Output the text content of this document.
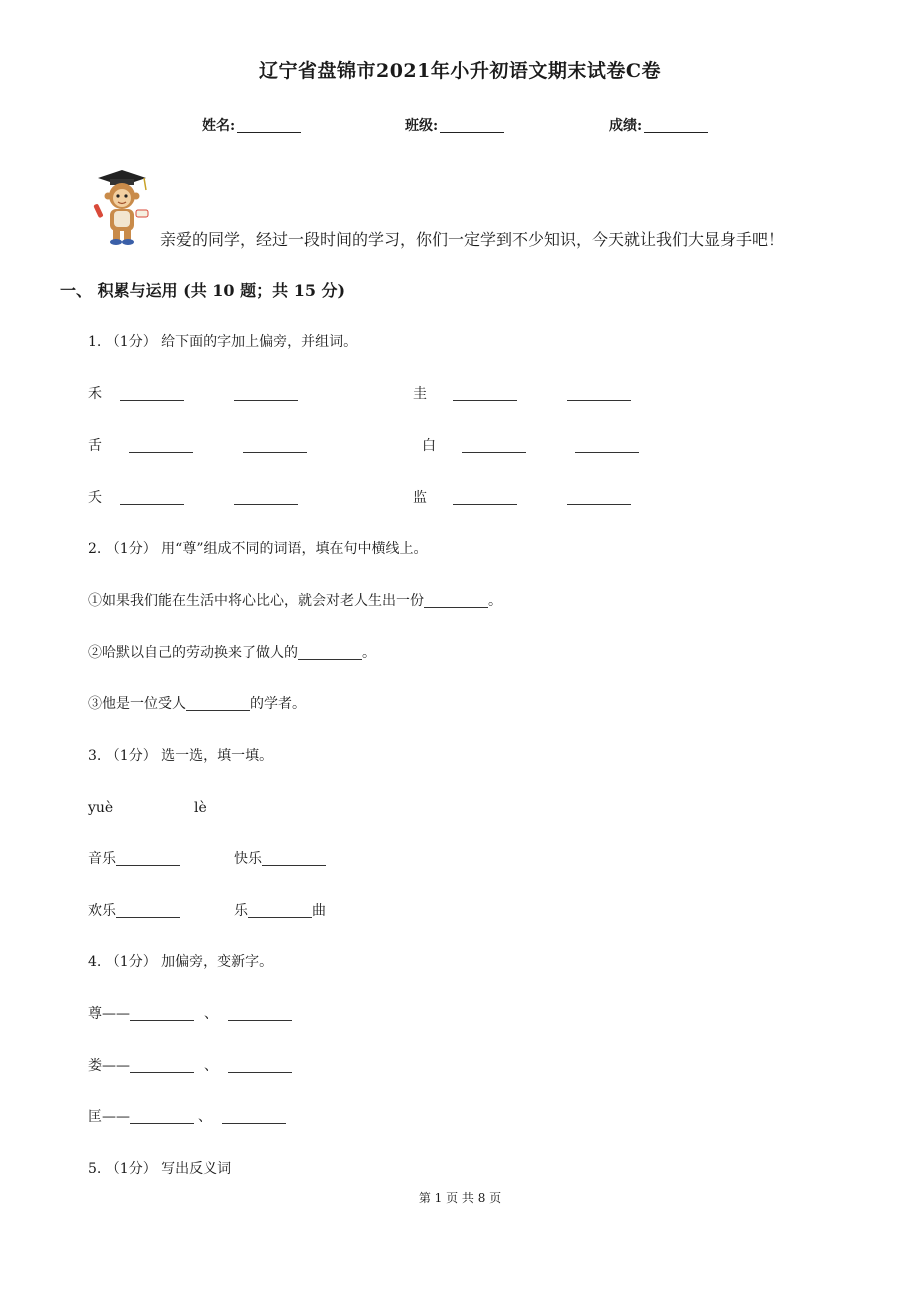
辽宁省盘锦市2021年小升初语文期末试卷C卷
姓名:	班级:	成绩:
亲爱的同学，经过一段时间的学习，你们一定学到不少知识，今天就让我们大显身手吧！
一、 积累与运用 (共 10 题；共 15 分)
1. （1分） 给下面的字加上偏旁，并组词。
禾	圭
舌	白
夭	监
2. （1分） 用“尊”组成不同的词语，填在句中横线上。
①如果我们能在生活中将心比心，就会对老人生出一份	。
②哈默以自己的劳动换来了做人的	。
③他是一位受人	的学者。
3. （1分） 选一选，填一填。
yuè	lè
音乐	快乐
欢乐	乐	曲
4. （1分） 加偏旁，变新字。
尊——	、
娄——	、
匡——	、
5. （1分） 写出反义词
第 1 页 共 8 页
